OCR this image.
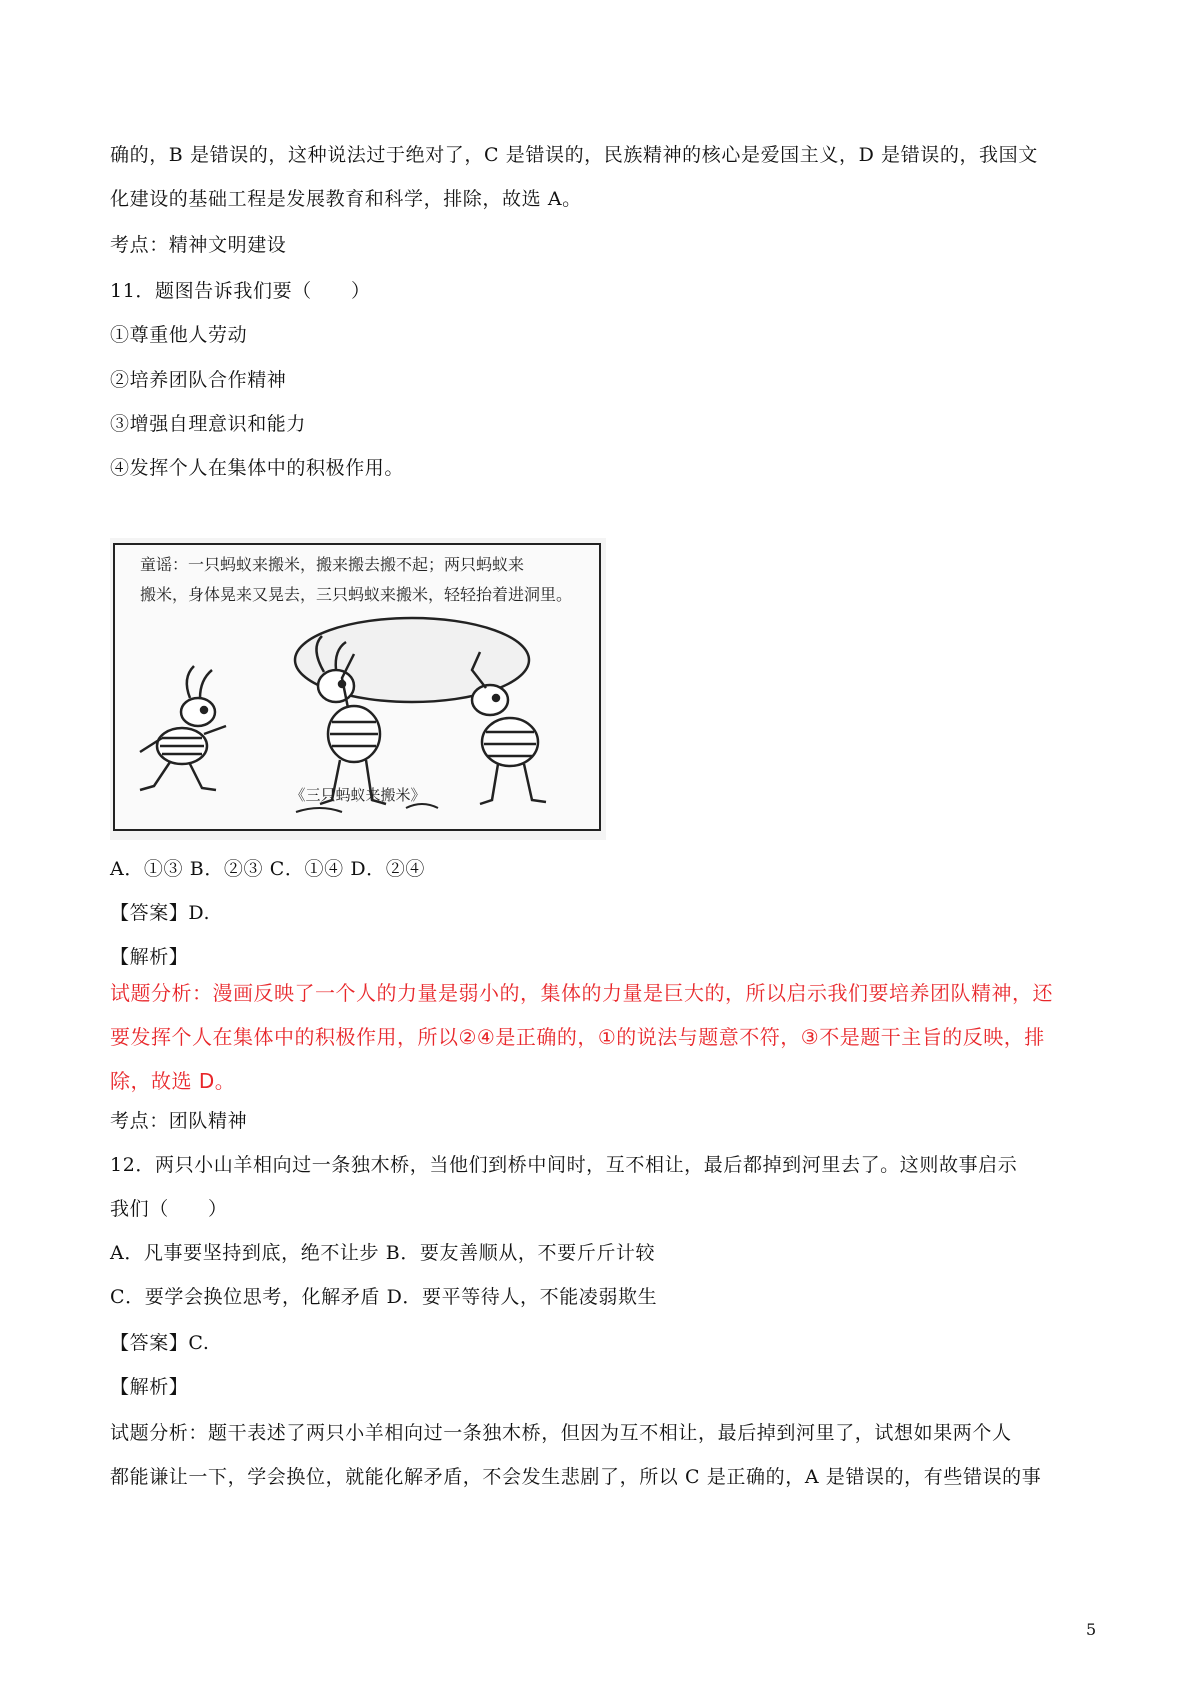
确的，B 是错误的，这种说法过于绝对了，C 是错误的，民族精神的核心是爱国主义，D 是错误的，我国文
化建设的基础工程是发展教育和科学，排除，故选 A。
考点：精神文明建设
11．题图告诉我们要（　　）
①尊重他人劳动
②培养团队合作精神
③增强自理意识和能力
④发挥个人在集体中的积极作用。
童谣：一只蚂蚁来搬米，搬来搬去搬不起；两只蚂蚁来
搬米，身体晃来又晃去，三只蚂蚁来搬米，轻轻抬着进洞里。
《三只蚂蚁来搬米》
A．①③ B．②③ C．①④ D．②④
【答案】D.
【解析】
试题分析：漫画反映了一个人的力量是弱小的，集体的力量是巨大的，所以启示我们要培养团队精神，还
要发挥个人在集体中的积极作用，所以②④是正确的，①的说法与题意不符，③不是题干主旨的反映，排
除，故选 D。
考点：团队精神
12．两只小山羊相向过一条独木桥，当他们到桥中间时，互不相让，最后都掉到河里去了。这则故事启示
我们（　　）
A．凡事要坚持到底，绝不让步 B．要友善顺从，不要斤斤计较
C．要学会换位思考，化解矛盾 D．要平等待人，不能凌弱欺生
【答案】C.
【解析】
试题分析：题干表述了两只小羊相向过一条独木桥，但因为互不相让，最后掉到河里了，试想如果两个人
都能谦让一下，学会换位，就能化解矛盾，不会发生悲剧了，所以 C 是正确的，A 是错误的，有些错误的事
5
